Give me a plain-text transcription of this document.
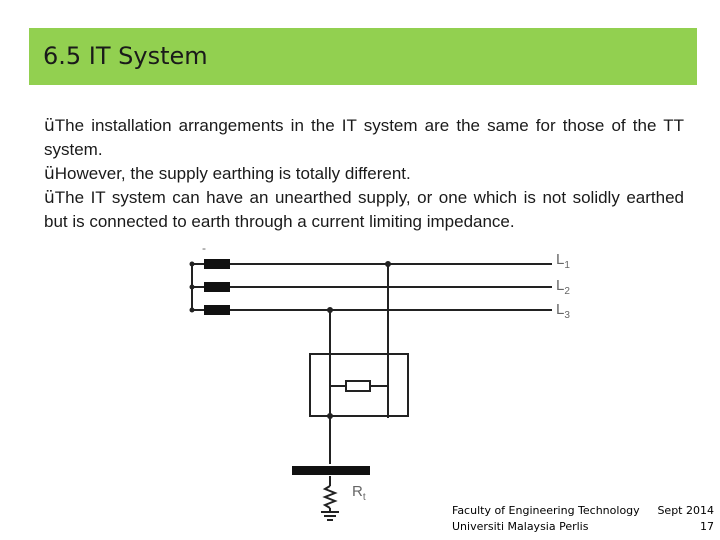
6.5 IT System
üThe installation arrangements in the IT system are the same for those of the TT system.
üHowever, the supply earthing is totally different.
üThe IT system can have an unearthed supply, or one which is not solidly earthed but is connected to earth through a current limiting impedance.
-
$L_1$
$L_2$
$L_3$
$R_t$
Faculty of Engineering Technology Sept 2014
Universiti Malaysia Perlis	17
